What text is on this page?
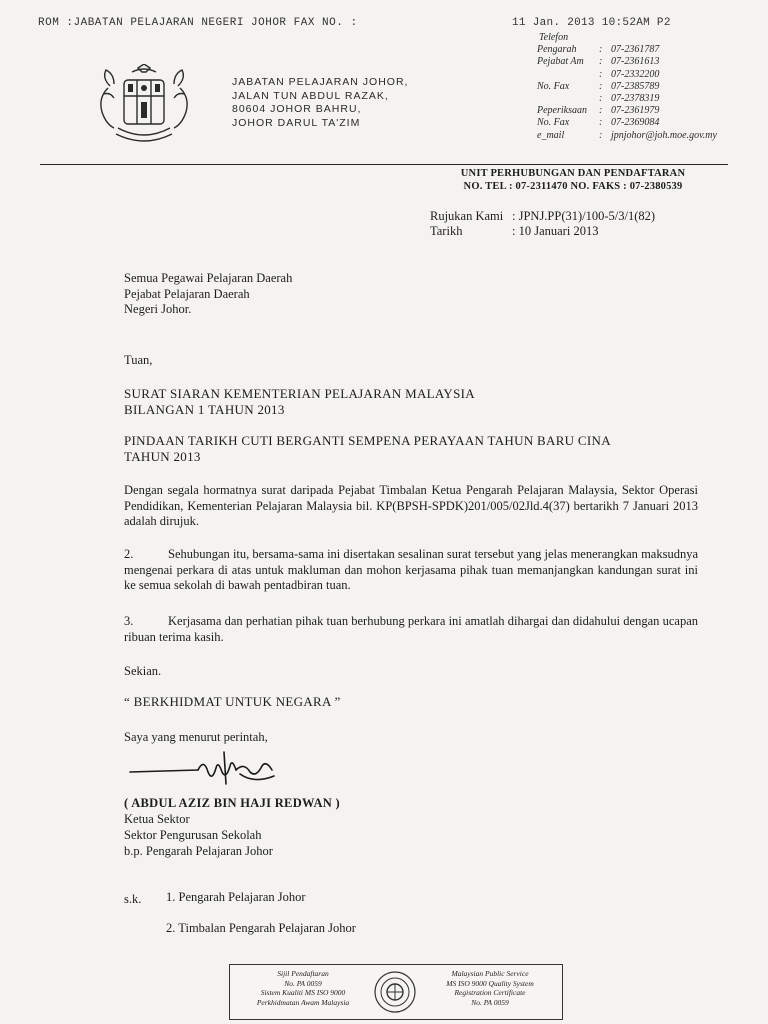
ROM :JABATAN PELAJARAN NEGERI JOHOR FAX NO. :	11 Jan. 2013 10:52AM P2
JABATAN PELAJARAN JOHOR,
JALAN TUN ABDUL RAZAK,
80604 JOHOR BAHRU,
JOHOR DARUL TA'ZIM
Telefon
Pengarah	: 07-2361787
Pejabat Am	: 07-2361613
: 07-2332200
No. Fax	: 07-2385789
: 07-2378319
Peperiksaan	: 07-2361979
No. Fax	: 07-2369084
e_mail	: jpnjohor@joh.moe.gov.my
UNIT PERHUBUNGAN DAN PENDAFTARAN
NO. TEL : 07-2311470 NO. FAKS : 07-2380539
Rujukan Kami : JPNJ.PP(31)/100-5/3/1(82)
Tarikh	: 10 Januari 2013
Semua Pegawai Pelajaran Daerah
Pejabat Pelajaran Daerah
Negeri Johor.
Tuan,
SURAT SIARAN KEMENTERIAN PELAJARAN MALAYSIA
BILANGAN 1 TAHUN 2013
PINDAAN TARIKH CUTI BERGANTI SEMPENA PERAYAAN TAHUN BARU CINA
TAHUN 2013
Dengan segala hormatnya surat daripada Pejabat Timbalan Ketua Pengarah Pelajaran Malaysia, Sektor Operasi Pendidikan, Kementerian Pelajaran Malaysia bil. KP(BPSH-SPDK)201/005/02Jld.4(37) bertarikh 7 Januari 2013 adalah dirujuk.
2.	Sehubungan itu, bersama-sama ini disertakan sesalinan surat tersebut yang jelas menerangkan maksudnya mengenai perkara di atas untuk makluman dan mohon kerjasama pihak tuan memanjangkan kandungan surat ini ke semua sekolah di bawah pentadbiran tuan.
3.	Kerjasama dan perhatian pihak tuan berhubung perkara ini amatlah dihargai dan didahului dengan ucapan ribuan terima kasih.
Sekian.
“ BERKHIDMAT UNTUK NEGARA ”
Saya yang menurut perintah,
( ABDUL AZIZ BIN HAJI REDWAN )
Ketua Sektor
Sektor Pengurusan Sekolah
b.p. Pengarah Pelajaran Johor
s.k. 1. Pengarah Pelajaran Johor
2. Timbalan Pengarah Pelajaran Johor
Sijil Pendaftaran
No. PA 0059
Sistem Kualiti MS ISO 9000
Perkhidmatan Awam Malaysia
Malaysian Public Service
MS ISO 9000 Quality System
Registration Certificate
No. PA 0059
